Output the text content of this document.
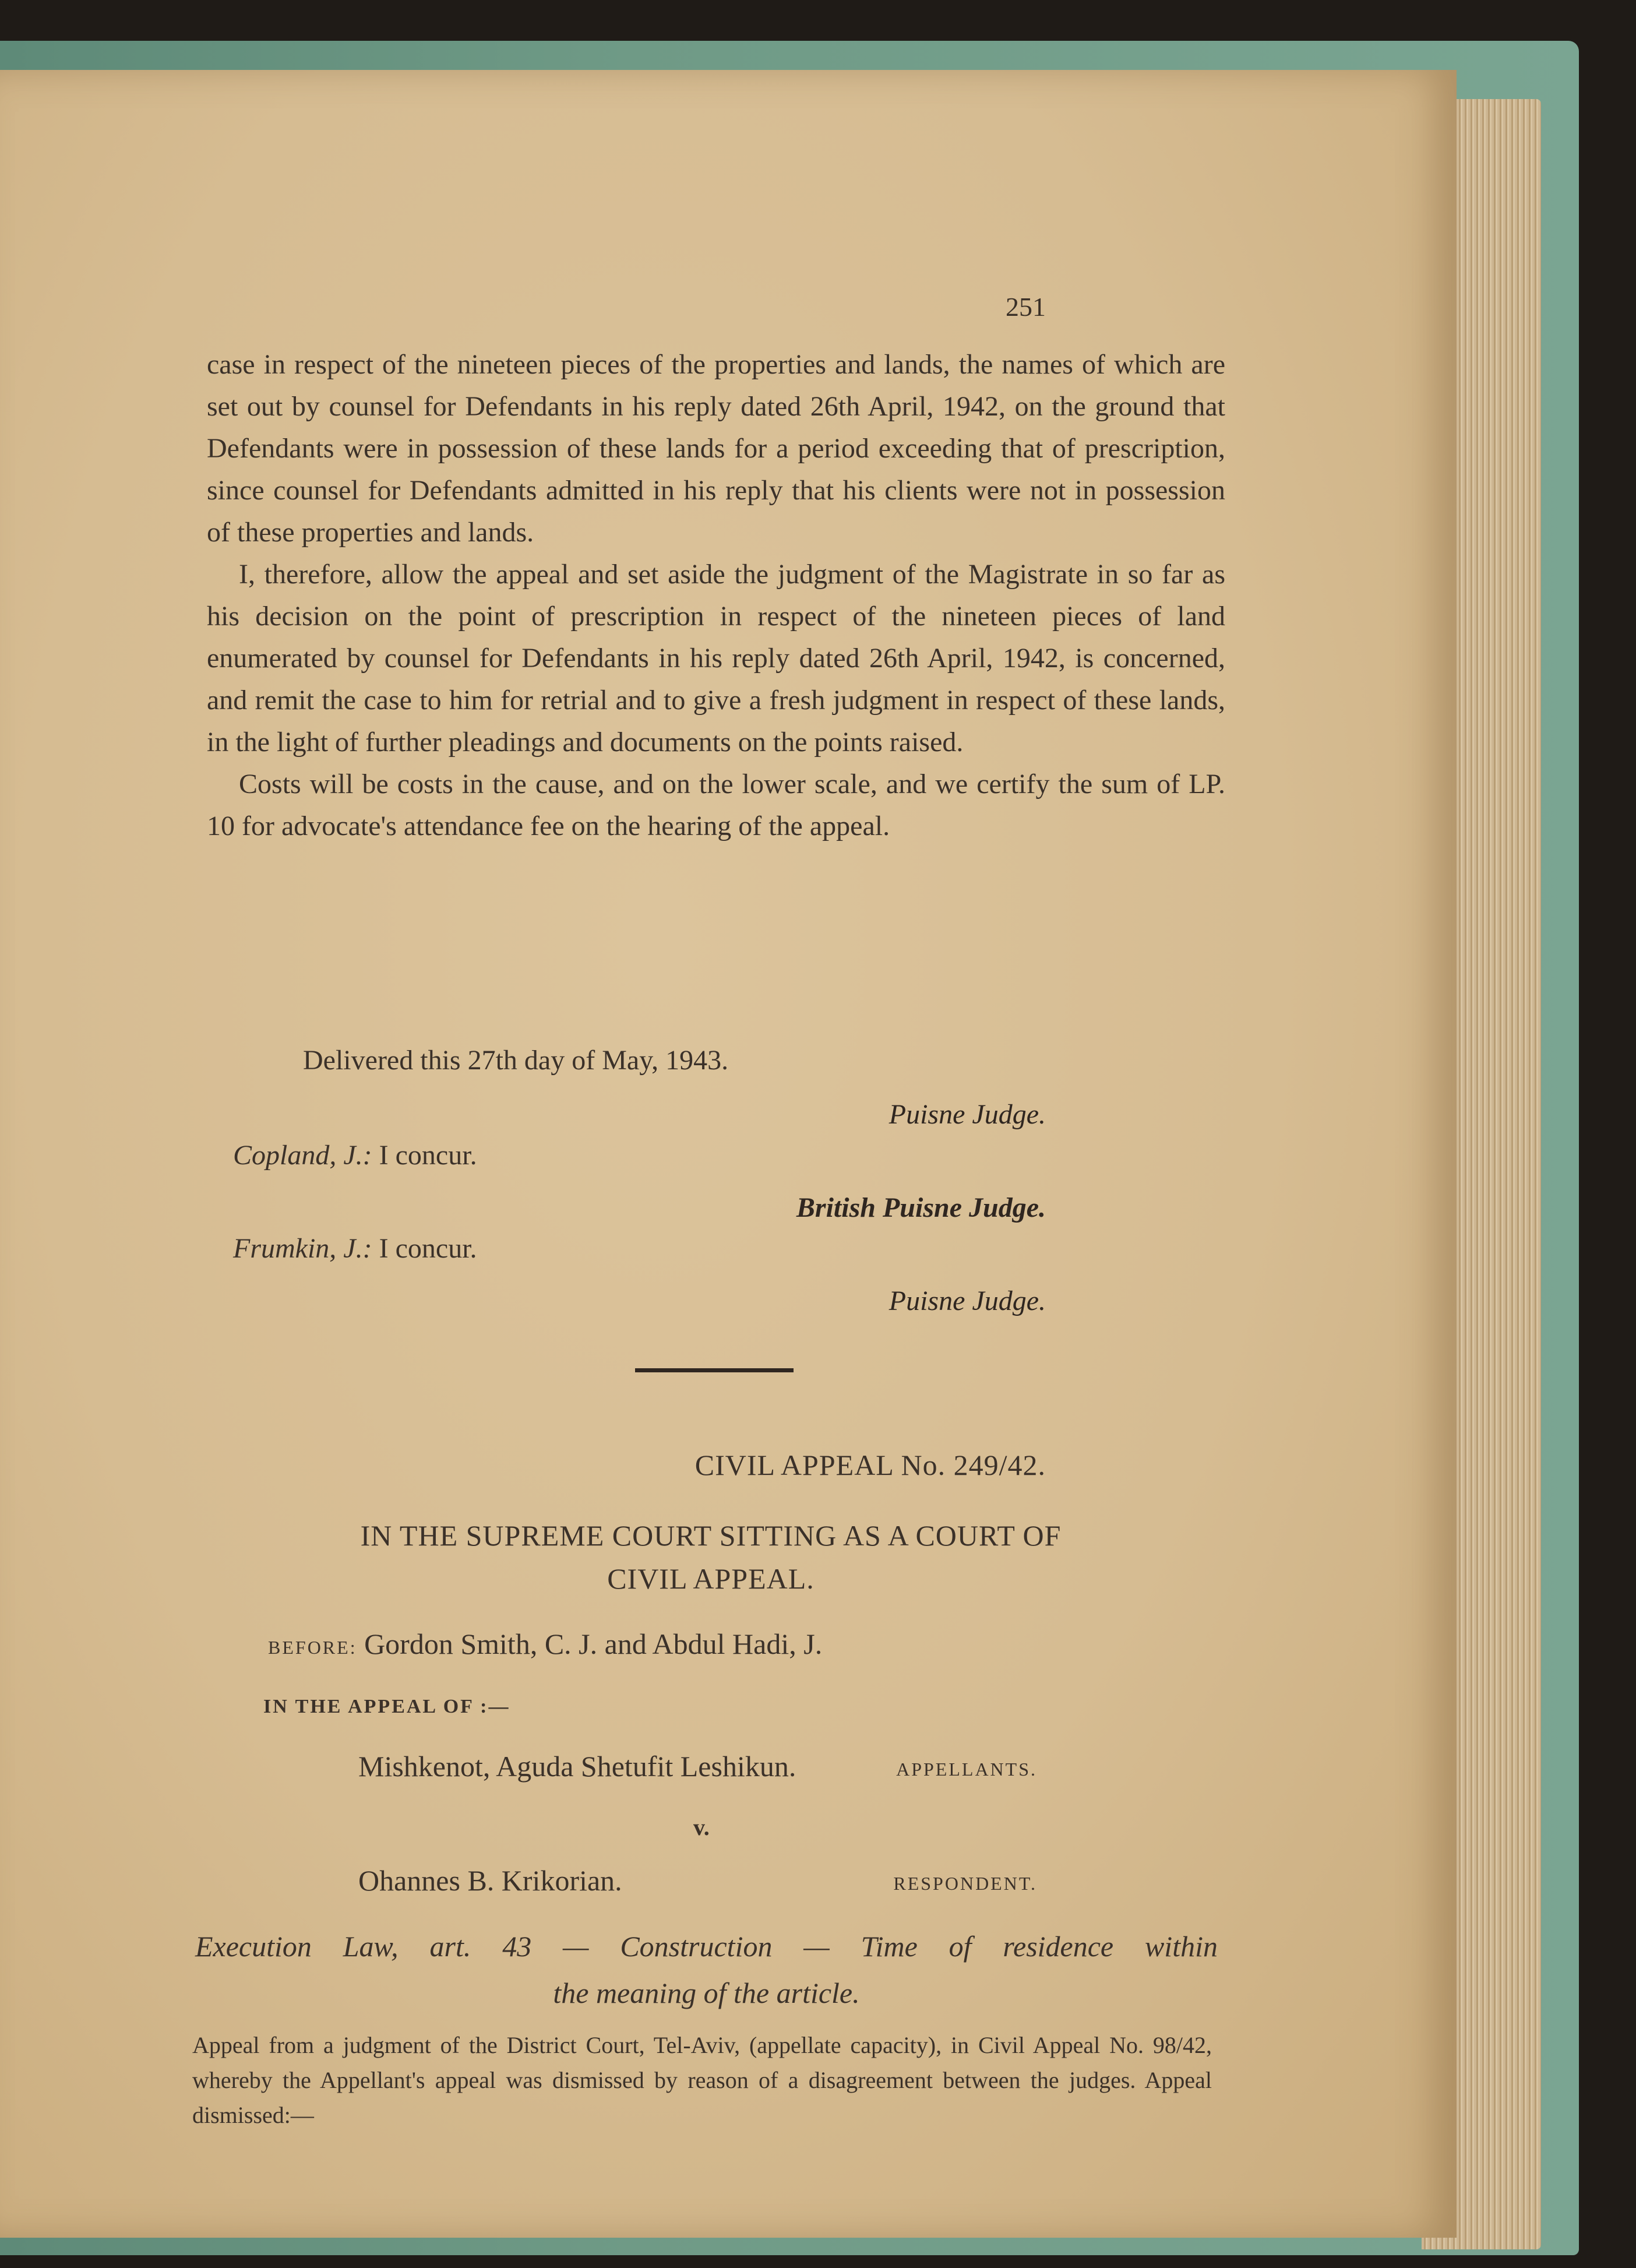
251

case in respect of the nineteen pieces of the properties and lands, the names of which are set out by counsel for Defendants in his reply dated 26th April, 1942, on the ground that Defendants were in possession of these lands for a period exceeding that of prescription, since counsel for Defendants admitted in his reply that his clients were not in possession of these properties and lands.

I, therefore, allow the appeal and set aside the judgment of the Magistrate in so far as his decision on the point of prescription in respect of the nineteen pieces of land enumerated by counsel for Defendants in his reply dated 26th April, 1942, is concerned, and remit the case to him for retrial and to give a fresh judgment in respect of these lands, in the light of further pleadings and documents on the points raised.

Costs will be costs in the cause, and on the lower scale, and we certify the sum of LP. 10 for advocate's attendance fee on the hearing of the appeal.

Delivered this 27th day of May, 1943.
Puisne Judge.
Copland, J.: I concur.
British Puisne Judge.
Frumkin, J.: I concur.
Puisne Judge.
CIVIL APPEAL No. 249/42.
IN THE SUPREME COURT SITTING AS A COURT OF
CIVIL APPEAL.
BEFORE: Gordon Smith, C. J. and Abdul Hadi, J.
IN THE APPEAL OF :—
Mishkenot, Aguda Shetufit Leshikun.	APPELLANTS.
v.
Ohannes B. Krikorian.	RESPONDENT.
Execution Law, art. 43 — Construction — Time of residence within
the meaning of the article.
Appeal from a judgment of the District Court, Tel-Aviv, (appellate capacity), in Civil Appeal No. 98/42, whereby the Appellant's appeal was dismissed by reason of a disagreement between the judges. Appeal dismissed:—
